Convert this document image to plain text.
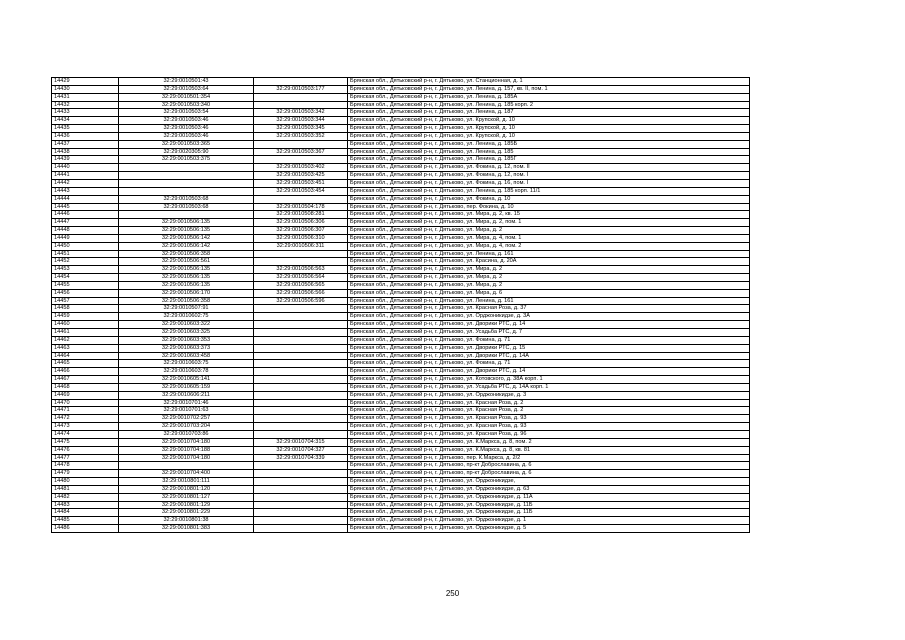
14429	32:29:0010501:43		Брянская обл., Дятьковский р-н, г. Дятьково, ул. Станционная, д. 1
14430	32:29:0010503:64	32:29:0010503:177	Брянская обл., Дятьковский р-н, г. Дятьково, ул. Ленина, д. 157, кв. II, пом. 1
14431	32:29:0010501:354		Брянская обл., Дятьковский р-н, г. Дятьково, ул. Ленина, д. 185А
14432	32:29:0010503:340		Брянская обл., Дятьковский р-н, г. Дятьково, ул. Ленина, д. 185 корп. 2
14433	32:29:0010503:54	32:29:0010503:342	Брянская обл., Дятьковский р-н, г. Дятьково, ул. Ленина, д. 187
14434	32:29:0010503:46	32:29:0010503:344	Брянская обл., Дятьковский р-н, г. Дятьково, ул. Крупской, д. 10
14435	32:29:0010503:46	32:29:0010503:345	Брянская обл., Дятьковский р-н, г. Дятьково, ул. Крупской, д. 10
14436	32:29:0010503:46	32:29:0010503:352	Брянская обл., Дятьковский р-н, г. Дятьково, ул. Крупской, д. 10
14437	32:29:0010503:365		Брянская обл., Дятьковский р-н, г. Дятьково, ул. Ленина, д. 185Б
14438	32:29:0020305:90	32:29:0010503:367	Брянская обл., Дятьковский р-н, г. Дятьково, ул. Ленина, д. 185
14439	32:29:0010503:375		Брянская обл., Дятьковский р-н, г. Дятьково, ул. Ленина, д. 185Г
14440		32:29:0010503:402	Брянская обл., Дятьковский р-н, г. Дятьково, ул. Фокина, д. 12, пом. II
14441		32:29:0010503:425	Брянская обл., Дятьковский р-н, г. Дятьково, ул. Фокина, д. 12, пом. I
14442		32:29:0010503:451	Брянская обл., Дятьковский р-н, г. Дятьково, ул. Фокина, д. 16, пом. I
14443		32:29:0010503:454	Брянская обл., Дятьковский р-н, г. Дятьково, ул. Ленина, д. 185 корп. 11/1
14444	32:29:0010503:68		Брянская обл., Дятьковский р-н, г. Дятьково, ул. Фокина, д. 10
14445	32:29:0010503:68	32:29:0010504:178	Брянская обл., Дятьковский р-н, г. Дятьково, пер. Фокина, д. 10
14446		32:29:0010508:281	Брянская обл., Дятьковский р-н, г. Дятьково, ул. Мира, д. 2, кв. 15
14447	32:29:0010506:135	32:29:0010506:306	Брянская обл., Дятьковский р-н, г. Дятьково, ул. Мира, д. 2, пом. 1
14448	32:29:0010506:135	32:29:0010506:307	Брянская обл., Дятьковский р-н, г. Дятьково, ул. Мира, д. 2
14449	32:29:0010506:142	32:29:0010506:310	Брянская обл., Дятьковский р-н, г. Дятьково, ул. Мира, д. 4, пом. 1
14450	32:29:0010506:142	32:29:0010506:311	Брянская обл., Дятьковский р-н, г. Дятьково, ул. Мира, д. 4, пом. 2
14451	32:29:0010506:358		Брянская обл., Дятьковский р-н, г. Дятьково, ул. Ленина, д. 161
14452	32:29:0010506:561		Брянская обл., Дятьковский р-н, г. Дятьково, ул. Красина, д. 20А
14453	32:29:0010506:135	32:29:0010506:563	Брянская обл., Дятьковский р-н, г. Дятьково, ул. Мира, д. 2
14454	32:29:0010506:135	32:29:0010506:564	Брянская обл., Дятьковский р-н, г. Дятьково, ул. Мира, д. 2
14455	32:29:0010506:135	32:29:0010506:565	Брянская обл., Дятьковский р-н, г. Дятьково, ул. Мира, д. 2
14456	32:29:0010506:170	32:29:0010506:566	Брянская обл., Дятьковский р-н, г. Дятьково, ул. Мира, д. 6
14457	32:29:0010506:358	32:29:0010506:596	Брянская обл., Дятьковский р-н, г. Дятьково, ул. Ленина, д. 161
14458	32:29:0010507:91		Брянская обл., Дятьковский р-н, г. Дятьково, ул. Красная Роза, д. 37
14459	32:29:0010602:75		Брянская обл., Дятьковский р-н, г. Дятьково, ул. Орджоникидзе, д. 3А
14460	32:29:0010603:322		Брянская обл., Дятьковский р-н, г. Дятьково, ул. Дворики РТС, д. 14
14461	32:29:0010603:325		Брянская обл., Дятьковский р-н, г. Дятьково, ул. Усадьба РТС, д. 7
14462	32:29:0010603:353		Брянская обл., Дятьковский р-н, г. Дятьково, ул. Фокина, д. 71
14463	32:29:0010603:373		Брянская обл., Дятьковский р-н, г. Дятьково, ул. Дворики РТС, д. 15
14464	32:29:0010603:458		Брянская обл., Дятьковский р-н, г. Дятьково, ул. Дворики РТС, д. 14А
14465	32:29:0010603:75		Брянская обл., Дятьковский р-н, г. Дятьково, ул. Фокина, д. 71
14466	32:29:0010603:78		Брянская обл., Дятьковский р-н, г. Дятьково, ул. Дворики РТС, д. 14
14467	32:29:0010605:141		Брянская обл., Дятьковский р-н, г. Дятьково, ул. Котовского, д. 38А корп. 1
14468	32:29:0010605:159		Брянская обл., Дятьковский р-н, г. Дятьково, ул. Усадьба РТС, д. 14А корп. 1
14469	32:29:0010606:211		Брянская обл., Дятьковский р-н, г. Дятьково, ул. Орджоникидзе, д. 3
14470	32:29:0010701:46		Брянская обл., Дятьковский р-н, г. Дятьково, ул. Красная Роза, д. 2
14471	32:29:0010701:63		Брянская обл., Дятьковский р-н, г. Дятьково, ул. Красная Роза, д. 2
14472	32:29:0010702:257		Брянская обл., Дятьковский р-н, г. Дятьково, ул. Красная Роза, д. 93
14473	32:29:0010703:204		Брянская обл., Дятьковский р-н, г. Дятьково, ул. Красная Роза, д. 93
14474	32:29:0010703:86		Брянская обл., Дятьковский р-н, г. Дятьково, ул. Красная Роза, д. 96
14475	32:29:0010704:180	32:29:0010704:315	Брянская обл., Дятьковский р-н, г. Дятьково, ул. К.Маркса, д. 8, пом. 2
14476	32:29:0010704:188	32:29:0010704:327	Брянская обл., Дятьковский р-н, г. Дятьково, ул. К.Маркса, д. 8, кв. 81
14477	32:29:0010704:180	32:29:0010704:339	Брянская обл., Дятьковский р-н, г. Дятьково, пер. К.Маркса, д. 2/2
14478			Брянская обл., Дятьковский р-н, г. Дятьково, пр-кт Доброславина, д. 6
14479	32:29:0010704:400		Брянская обл., Дятьковский р-н, г. Дятьково, пр-кт Доброславина, д. 6
14480	32:29:0010801:111		Брянская обл., Дятьковский р-н, г. Дятьково, ул. Орджоникидзе,
14481	32:29:0010801:120		Брянская обл., Дятьковский р-н, г. Дятьково, ул. Орджоникидзе, д. 63
14482	32:29:0010801:127		Брянская обл., Дятьковский р-н, г. Дятьково, ул. Орджоникидзе, д. 11А
14483	32:29:0010801:129		Брянская обл., Дятьковский р-н, г. Дятьково, ул. Орджоникидзе, д. 11Б
14484	32:29:0010801:229		Брянская обл., Дятьковский р-н, г. Дятьково, ул. Орджоникидзе, д. 11Б
14485	32:29:0010801:38		Брянская обл., Дятьковский р-н, г. Дятьково, ул. Орджоникидзе, д. 1
14486	32:29:0010801:383		Брянская обл., Дятьковский р-н, г. Дятьково, ул. Орджоникидзе, д. 5
250
